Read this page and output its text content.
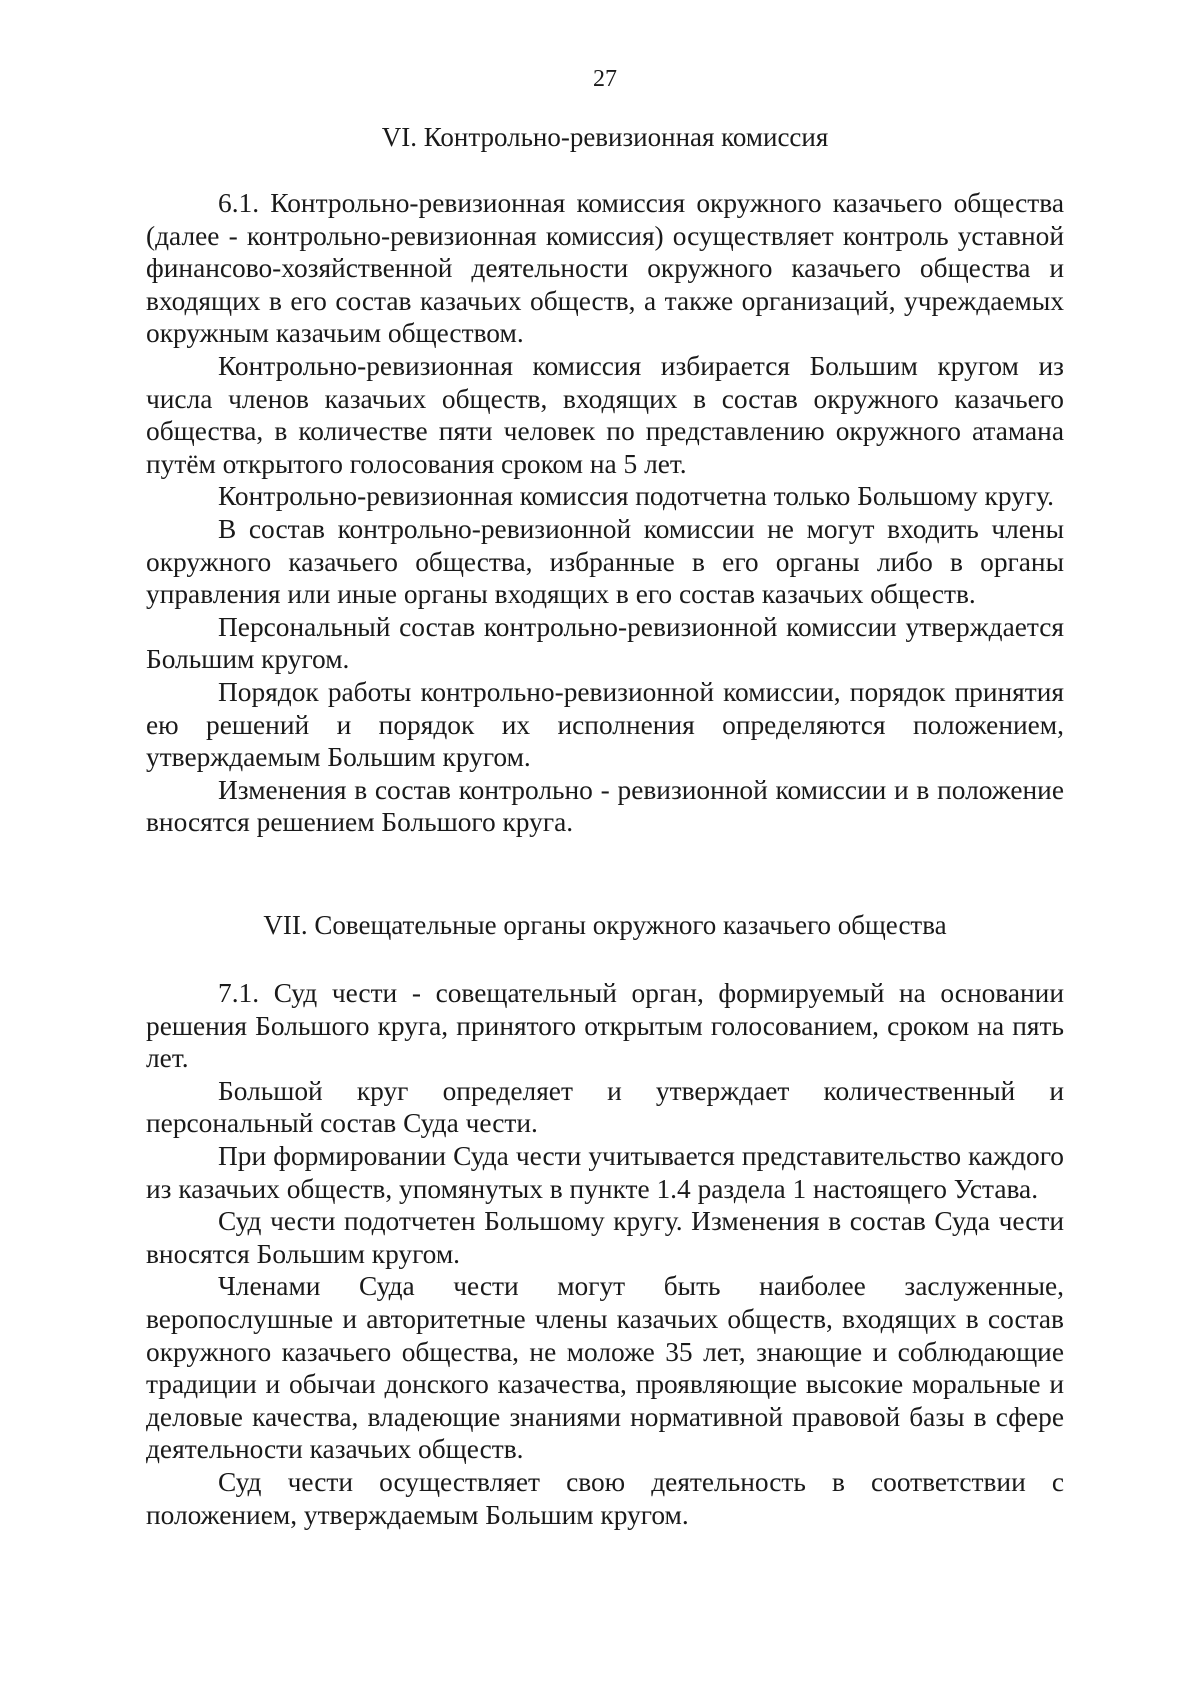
27
VI. Контрольно-ревизионная комиссия

6.1. Контрольно-ревизионная комиссия окружного казачьего общества (далее - контрольно-ревизионная комиссия) осуществляет контроль уставной финансово-хозяйственной деятельности окружного казачьего общества и входящих в его состав казачьих обществ, а также организаций, учреждаемых окружным казачьим обществом.

Контрольно-ревизионная комиссия избирается Большим кругом из числа членов казачьих обществ, входящих в состав окружного казачьего общества, в количестве пяти человек по представлению окружного атамана путём открытого голосования сроком на 5 лет.

Контрольно-ревизионная комиссия подотчетна только Большому кругу.

В состав контрольно-ревизионной комиссии не могут входить члены окружного казачьего общества, избранные в его органы либо в органы управления или иные органы входящих в его состав казачьих обществ.

Персональный состав контрольно-ревизионной комиссии утверждается Большим кругом.

Порядок работы контрольно-ревизионной комиссии, порядок принятия ею решений и порядок их исполнения определяются положением, утверждаемым Большим кругом.

Изменения в состав контрольно - ревизионной комиссии и в положение вносятся решением Большого круга.

VII. Совещательные органы окружного казачьего общества

7.1. Суд чести - совещательный орган, формируемый на основании решения Большого круга, принятого открытым голосованием, сроком на пять лет.

Большой круг определяет и утверждает количественный и персональный состав Суда чести.

При формировании Суда чести учитывается представительство каждого из казачьих обществ, упомянутых в пункте 1.4 раздела 1 настоящего Устава.

Суд чести подотчетен Большому кругу. Изменения в состав Суда чести вносятся Большим кругом.

Членами Суда чести могут быть наиболее заслуженные, веропослушные и авторитетные члены казачьих обществ, входящих в состав окружного казачьего общества, не моложе 35 лет, знающие и соблюдающие традиции и обычаи донского казачества, проявляющие высокие моральные и деловые качества, владеющие знаниями нормативной правовой базы в сфере деятельности казачьих обществ.

Суд чести осуществляет свою деятельность в соответствии с положением, утверждаемым Большим кругом.
